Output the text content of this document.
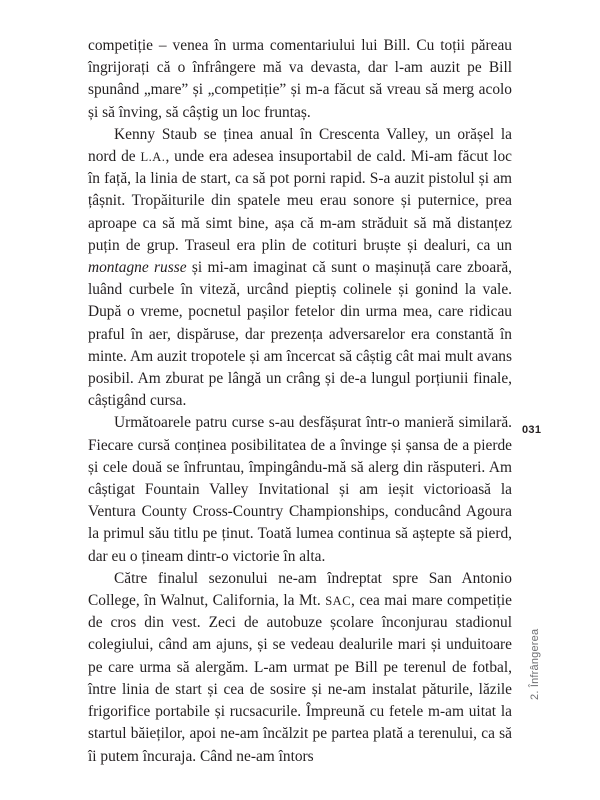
competiție – venea în urma comentariului lui Bill. Cu toții păreau îngrijorați că o înfrângere mă va devasta, dar l-am auzit pe Bill spunând „mare” și „competiție” și m-a făcut să vreau să merg acolo și să înving, să câștig un loc fruntaș.

Kenny Staub se ținea anual în Crescenta Valley, un orășel la nord de L.A., unde era adesea insuportabil de cald. Mi-am făcut loc în față, la linia de start, ca să pot porni rapid. S-a auzit pistolul și am țâșnit. Tropăiturile din spatele meu erau sonore și puternice, prea aproape ca să mă simt bine, așa că m-am străduit să mă distanțez puțin de grup. Traseul era plin de cotituri bruște și dealuri, ca un montagne russe și mi-am imaginat că sunt o mașinuță care zboară, luând curbele în viteză, urcând pieptiș colinele și gonind la vale. După o vreme, pocnetul pașilor fetelor din urma mea, care ridicau praful în aer, dispăruse, dar prezența adversarelor era constantă în minte. Am auzit tropotele și am încercat să câștig cât mai mult avans posibil. Am zburat pe lângă un crâng și de-a lungul porțiunii finale, câștigând cursa.

Următoarele patru curse s-au desfășurat într-o manieră similară. Fiecare cursă conținea posibilitatea de a învinge și șansa de a pierde și cele două se înfruntau, împingându-mă să alerg din răsputeri. Am câștigat Fountain Valley Invitational și am ieșit victorioasă la Ventura County Cross-Country Championships, conducând Agoura la primul său titlu pe ținut. Toată lumea continua să aștepte să pierd, dar eu o țineam dintr-o victorie în alta.

Către finalul sezonului ne-am îndreptat spre San Antonio College, în Walnut, California, la Mt. SAC, cea mai mare competiție de cros din vest. Zeci de autobuze școlare înconjurau stadionul colegiului, când am ajuns, și se vedeau dealurile mari și unduitoare pe care urma să alergăm. L-am urmat pe Bill pe terenul de fotbal, între linia de start și cea de sosire și ne-am instalat păturile, lăzile frigorifice portabile și rucsacurile. Împreună cu fetele m-am uitat la startul băieților, apoi ne-am încălzit pe partea plată a terenului, ca să îi putem încuraja. Când ne-am întors

031
2. Înfrângerea
